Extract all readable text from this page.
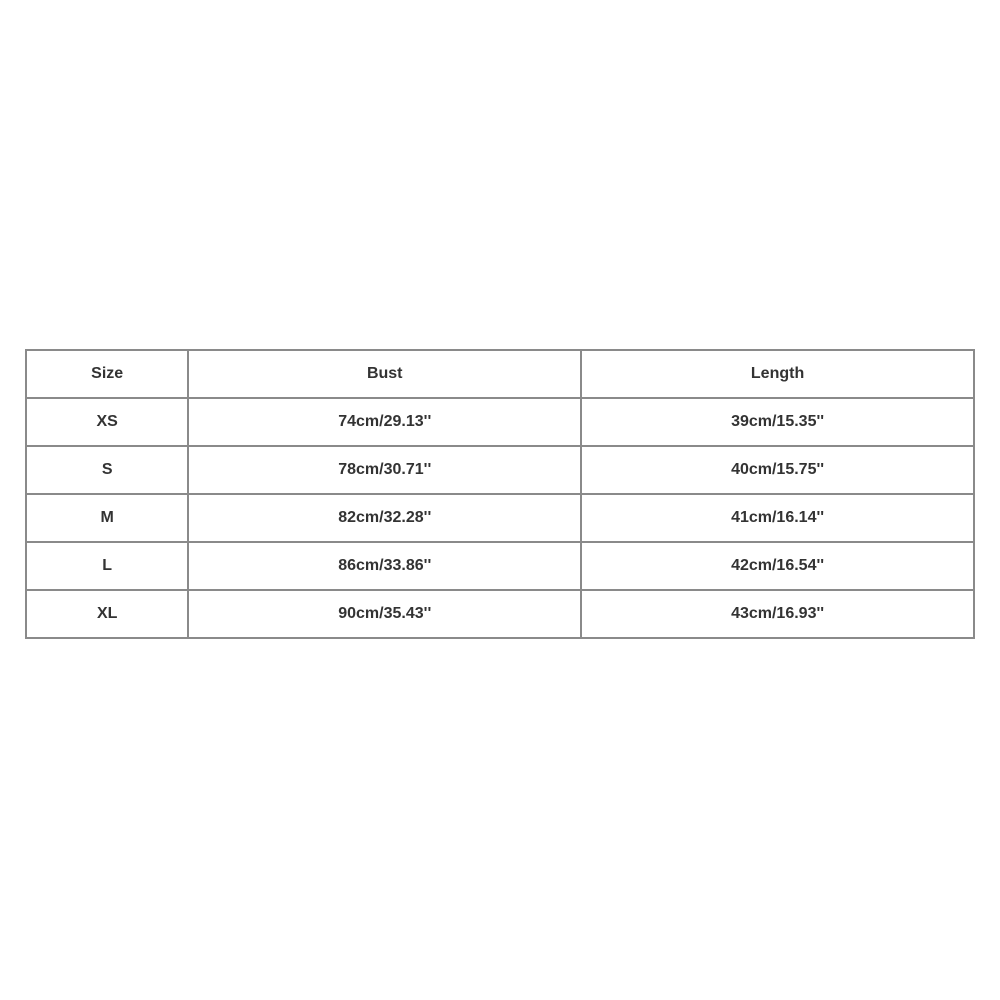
Size	Bust	Length
XS	74cm/29.13''	39cm/15.35''
S	78cm/30.71''	40cm/15.75''
M	82cm/32.28''	41cm/16.14''
L	86cm/33.86''	42cm/16.54''
XL	90cm/35.43''	43cm/16.93''
